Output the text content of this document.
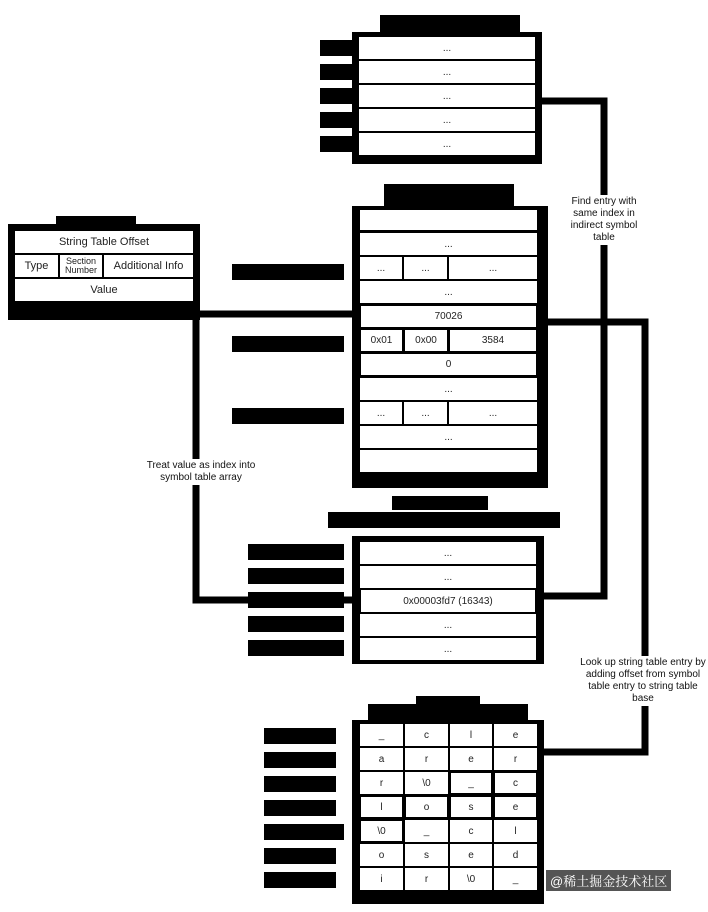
...
...
...
...
...
String Table Offset
Type	Section Number	Additional Info
Value
...
...	...	...
...
70026
0x01	0x00	3584
0
...
...	...	...
...
...
...
0x00003fd7 (16343)
...
...
_	c	l	e
a	r	e	r
r	\0	_	c
l	o	s	e
\0	_	c	l
o	s	e	d
i	r	\0	_
Find entry with same index in indirect symbol table
Treat value as index into symbol table array
Look up string table entry by adding offset from symbol table entry to string table base
@稀土掘金技术社区
